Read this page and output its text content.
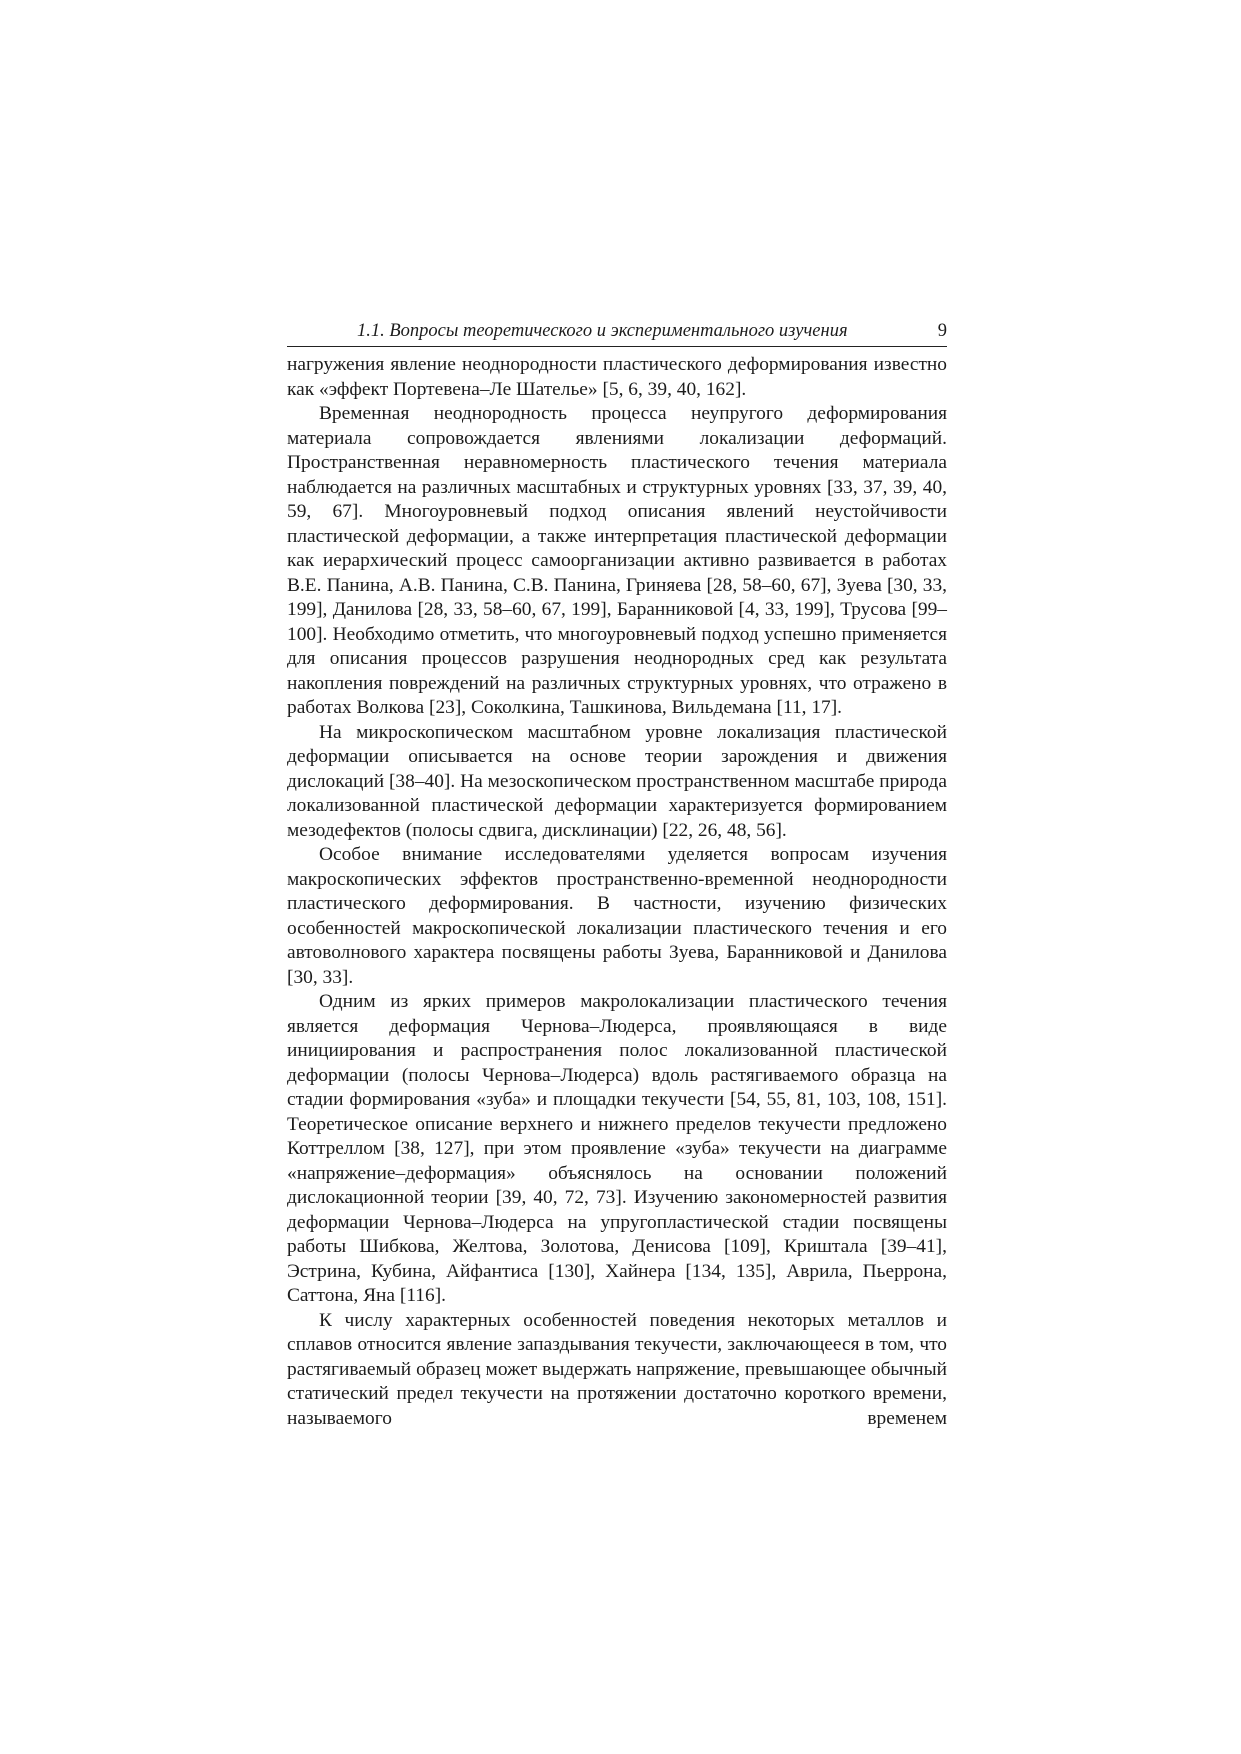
1.1. Вопросы теоретического и экспериментального изучения	9

нагружения явление неоднородности пластического деформирования известно как «эффект Портевена–Ле Шателье» [5, 6, 39, 40, 162].

Временная неоднородность процесса неупругого деформирования материала сопровождается явлениями локализации деформаций. Пространственная неравномерность пластического течения материала наблюдается на различных масштабных и структурных уровнях [33, 37, 39, 40, 59, 67]. Многоуровневый подход описания явлений неустойчивости пластической деформации, а также интерпретация пластической деформации как иерархический процесс самоорганизации активно развивается в работах В.Е. Панина, А.В. Панина, С.В. Панина, Гриняева [28, 58–60, 67], Зуева [30, 33, 199], Данилова [28, 33, 58–60, 67, 199], Баранниковой [4, 33, 199], Трусова [99–100]. Необходимо отметить, что многоуровневый подход успешно применяется для описания процессов разрушения неоднородных сред как результата накопления повреждений на различных структурных уровнях, что отражено в работах Волкова [23], Соколкина, Ташкинова, Вильдемана [11, 17].

На микроскопическом масштабном уровне локализация пластической деформации описывается на основе теории зарождения и движения дислокаций [38–40]. На мезоскопическом пространственном масштабе природа локализованной пластической деформации характеризуется формированием мезодефектов (полосы сдвига, дисклинации) [22, 26, 48, 56].

Особое внимание исследователями уделяется вопросам изучения макроскопических эффектов пространственно-временной неоднородности пластического деформирования. В частности, изучению физических особенностей макроскопической локализации пластического течения и его автоволнового характера посвящены работы Зуева, Баранниковой и Данилова [30, 33].

Одним из ярких примеров макролокализации пластического течения является деформация Чернова–Людерса, проявляющаяся в виде инициирования и распространения полос локализованной пластической деформации (полосы Чернова–Людерса) вдоль растягиваемого образца на стадии формирования «зуба» и площадки текучести [54, 55, 81, 103, 108, 151]. Теоретическое описание верхнего и нижнего пределов текучести предложено Коттреллом [38, 127], при этом проявление «зуба» текучести на диаграмме «напряжение–деформация» объяснялось на основании положений дислокационной теории [39, 40, 72, 73]. Изучению закономерностей развития деформации Чернова–Людерса на упругопластической стадии посвящены работы Шибкова, Желтова, Золотова, Денисова [109], Криштала [39–41], Эстрина, Кубина, Айфантиса [130], Хайнера [134, 135], Аврила, Пьеррона, Саттона, Яна [116].

К числу характерных особенностей поведения некоторых металлов и сплавов относится явление запаздывания текучести, заключающееся в том, что растягиваемый образец может выдержать напряжение, превышающее обычный статический предел текучести на протяжении достаточно короткого времени, называемого временем
